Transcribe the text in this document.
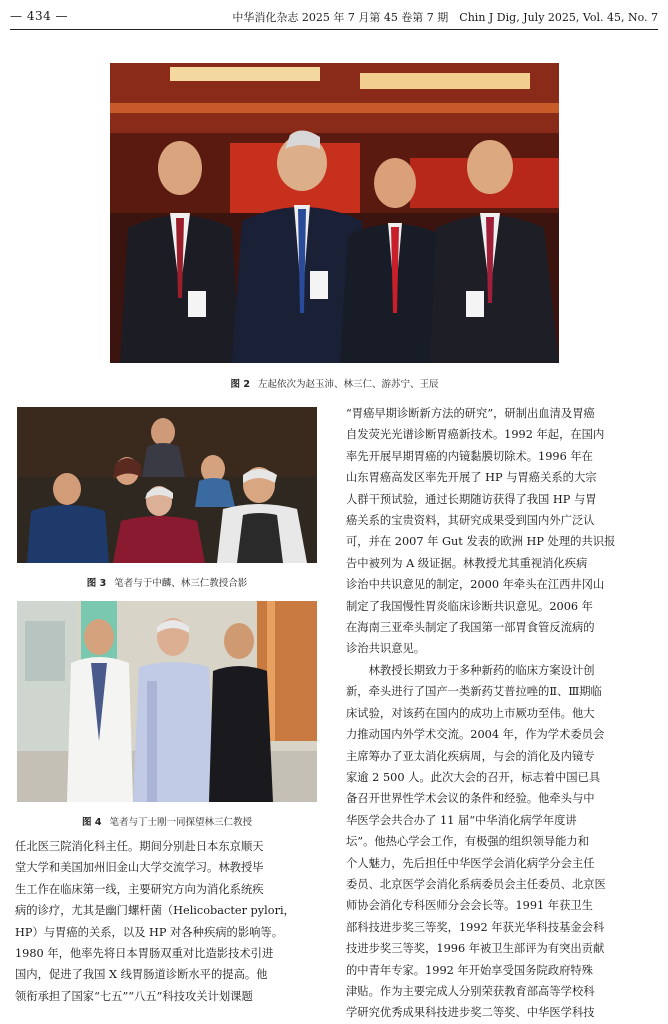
— 434 —	中华消化杂志 2025 年 7 月第 45 卷第 7 期　Chin J Dig, July 2025, Vol. 45, No. 7
图 2 左起依次为赵玉沛、林三仁、游苏宁、王辰
图 3 笔者与于中麟、林三仁教授合影
图 4 笔者与丁士刚一同探望林三仁教授
任北医三院消化科主任。期间分别赴日本东京顺天
堂大学和美国加州旧金山大学交流学习。林教授毕
生工作在临床第一线，主要研究方向为消化系统疾
病的诊疗，尤其是幽门螺杆菌（Helicobacter pylori，
HP）与胃癌的关系，以及 HP 对各种疾病的影响等。
1980 年，他率先将日本胃肠双重对比造影技术引进
国内，促进了我国 X 线胃肠道诊断水平的提高。他
领衔承担了国家“七五”“八五”科技攻关计划课题
“胃癌早期诊断新方法的研究”，研制出血清及胃癌
自发荧光光谱诊断胃癌新技术。1992 年起，在国内
率先开展早期胃癌的内镜黏膜切除术。1996 年在
山东胃癌高发区率先开展了 HP 与胃癌关系的大宗
人群干预试验，通过长期随访获得了我国 HP 与胃
癌关系的宝贵资料，其研究成果受到国内外广泛认
可，并在 2007 年 Gut 发表的欧洲 HP 处理的共识报
告中被列为 A 级证据。林教授尤其重视消化疾病
诊治中共识意见的制定，2000 年牵头在江西井冈山
制定了我国慢性胃炎临床诊断共识意见。2006 年
在海南三亚牵头制定了我国第一部胃食管反流病的
诊治共识意见。
　　林教授长期致力于多种新药的临床方案设计创
新，牵头进行了国产一类新药艾普拉唑的Ⅱ、Ⅲ期临
床试验，对该药在国内的成功上市厥功至伟。他大
力推动国内外学术交流。2004 年，作为学术委员会
主席筹办了亚太消化疾病周，与会的消化及内镜专
家逾 2 500 人。此次大会的召开，标志着中国已具
备召开世界性学术会议的条件和经验。他牵头与中
华医学会共合办了 11 届“中华消化病学年度讲
坛”。他热心学会工作，有极强的组织领导能力和
个人魅力，先后担任中华医学会消化病学分会主任
委员、北京医学会消化系病委员会主任委员、北京医
师协会消化专科医师分会会长等。1991 年获卫生
部科技进步奖三等奖，1992 年获光华科技基金会科
技进步奖三等奖，1996 年被卫生部评为有突出贡献
的中青年专家。1992 年开始享受国务院政府特殊
津贴。作为主要完成人分别荣获教育部高等学校科
学研究优秀成果科技进步奖二等奖、中华医学科技
